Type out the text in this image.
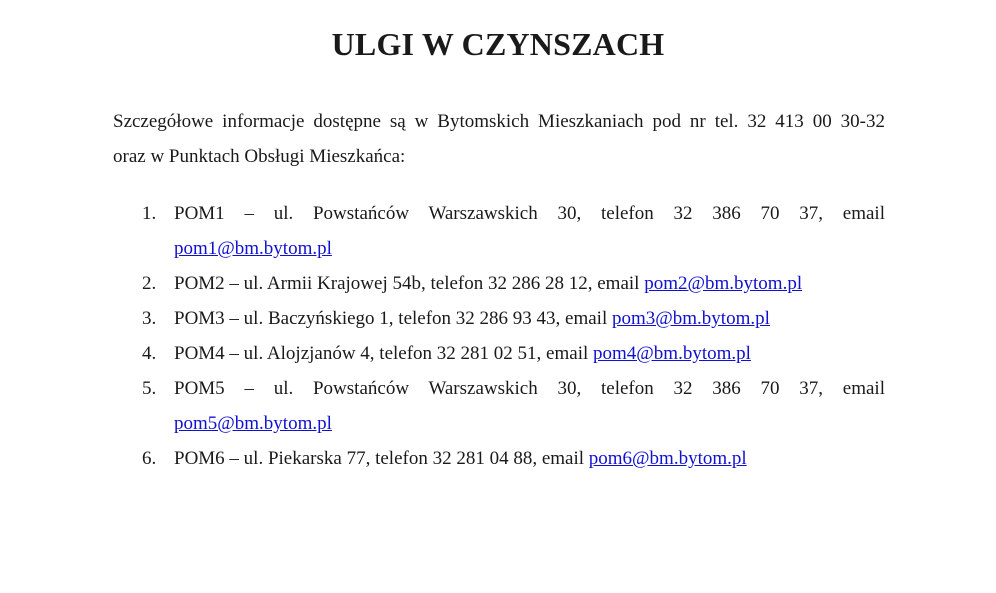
ULGI W CZYNSZACH

Szczegółowe informacje dostępne są w Bytomskich Mieszkaniach pod nr tel. 32 413 00 30-32
oraz w Punktach Obsługi Mieszkańca:

1. POM1 – ul. Powstańców Warszawskich 30, telefon 32 386 70 37, email
pom1@bm.bytom.pl
2. POM2 – ul. Armii Krajowej 54b, telefon 32 286 28 12, email pom2@bm.bytom.pl
3. POM3 – ul. Baczyńskiego 1, telefon 32 286 93 43, email pom3@bm.bytom.pl
4. POM4 – ul. Alojzjanów 4, telefon 32 281 02 51, email pom4@bm.bytom.pl
5. POM5 – ul. Powstańców Warszawskich 30, telefon 32 386 70 37, email
pom5@bm.bytom.pl
6. POM6 – ul. Piekarska 77, telefon 32 281 04 88, email pom6@bm.bytom.pl
